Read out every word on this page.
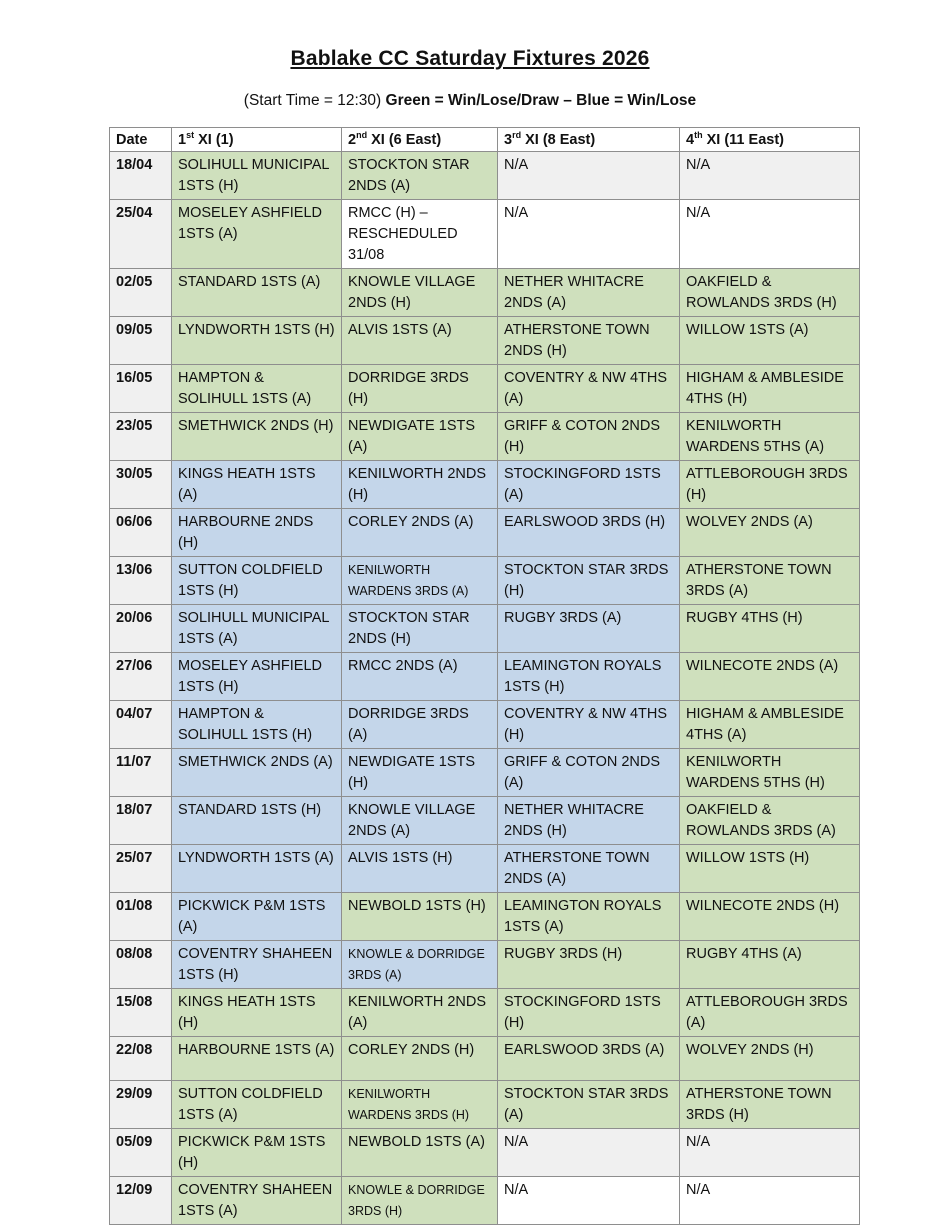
Bablake CC Saturday Fixtures 2026
(Start Time = 12:30) Green = Win/Lose/Draw – Blue = Win/Lose
Date	1st XI (1)	2nd XI (6 East)	3rd XI (8 East)	4th XI (11 East)
18/04	SOLIHULL MUNICIPAL 1STS (H)	STOCKTON STAR 2NDS (A)	N/A	N/A
25/04	MOSELEY ASHFIELD 1STS (A)	RMCC (H) –
RESCHEDULED 31/08	N/A	N/A
02/05	STANDARD 1STS (A)	KNOWLE VILLAGE 2NDS (H)	NETHER WHITACRE 2NDS (A)	OAKFIELD & ROWLANDS 3RDS (H)
09/05	LYNDWORTH 1STS (H)	ALVIS 1STS (A)	ATHERSTONE TOWN 2NDS (H)	WILLOW 1STS (A)
16/05	HAMPTON & SOLIHULL 1STS (A)	DORRIDGE 3RDS (H)	COVENTRY & NW 4THS (A)	HIGHAM & AMBLESIDE 4THS (H)
23/05	SMETHWICK 2NDS (H)	NEWDIGATE 1STS (A)	GRIFF & COTON 2NDS (H)	KENILWORTH WARDENS 5THS (A)
30/05	KINGS HEATH 1STS (A)	KENILWORTH 2NDS (H)	STOCKINGFORD 1STS (A)	ATTLEBOROUGH 3RDS (H)
06/06	HARBOURNE 2NDS (H)	CORLEY 2NDS (A)	EARLSWOOD 3RDS (H)	WOLVEY 2NDS (A)
13/06	SUTTON COLDFIELD 1STS (H)	KENILWORTH WARDENS 3RDS (A)	STOCKTON STAR 3RDS (H)	ATHERSTONE TOWN 3RDS (A)
20/06	SOLIHULL MUNICIPAL 1STS (A)	STOCKTON STAR 2NDS (H)	RUGBY 3RDS (A)	RUGBY 4THS (H)
27/06	MOSELEY ASHFIELD 1STS (H)	RMCC 2NDS (A)	LEAMINGTON ROYALS 1STS (H)	WILNECOTE 2NDS (A)
04/07	HAMPTON & SOLIHULL 1STS (H)	DORRIDGE 3RDS (A)	COVENTRY & NW 4THS (H)	HIGHAM & AMBLESIDE 4THS (A)
11/07	SMETHWICK 2NDS (A)	NEWDIGATE 1STS (H)	GRIFF & COTON 2NDS (A)	KENILWORTH WARDENS 5THS (H)
18/07	STANDARD 1STS (H)	KNOWLE VILLAGE 2NDS (A)	NETHER WHITACRE 2NDS (H)	OAKFIELD & ROWLANDS 3RDS (A)
25/07	LYNDWORTH 1STS (A)	ALVIS 1STS (H)	ATHERSTONE TOWN 2NDS (A)	WILLOW 1STS (H)
01/08	PICKWICK P&M 1STS (A)	NEWBOLD 1STS (H)	LEAMINGTON ROYALS 1STS (A)	WILNECOTE 2NDS (H)
08/08	COVENTRY SHAHEEN 1STS (H)	KNOWLE & DORRIDGE 3RDS (A)	RUGBY 3RDS (H)	RUGBY 4THS (A)
15/08	KINGS HEATH 1STS (H)	KENILWORTH 2NDS (A)	STOCKINGFORD 1STS (H)	ATTLEBOROUGH 3RDS (A)
22/08	HARBOURNE 1STS (A)	CORLEY 2NDS (H)	EARLSWOOD 3RDS (A)	WOLVEY 2NDS (H)
29/09	SUTTON COLDFIELD 1STS (A)	KENILWORTH WARDENS 3RDS (H)	STOCKTON STAR 3RDS (A)	ATHERSTONE TOWN 3RDS (H)
05/09	PICKWICK P&M 1STS (H)	NEWBOLD 1STS (A)	N/A	N/A
12/09	COVENTRY SHAHEEN 1STS (A)	KNOWLE & DORRIDGE 3RDS (H)	N/A	N/A
